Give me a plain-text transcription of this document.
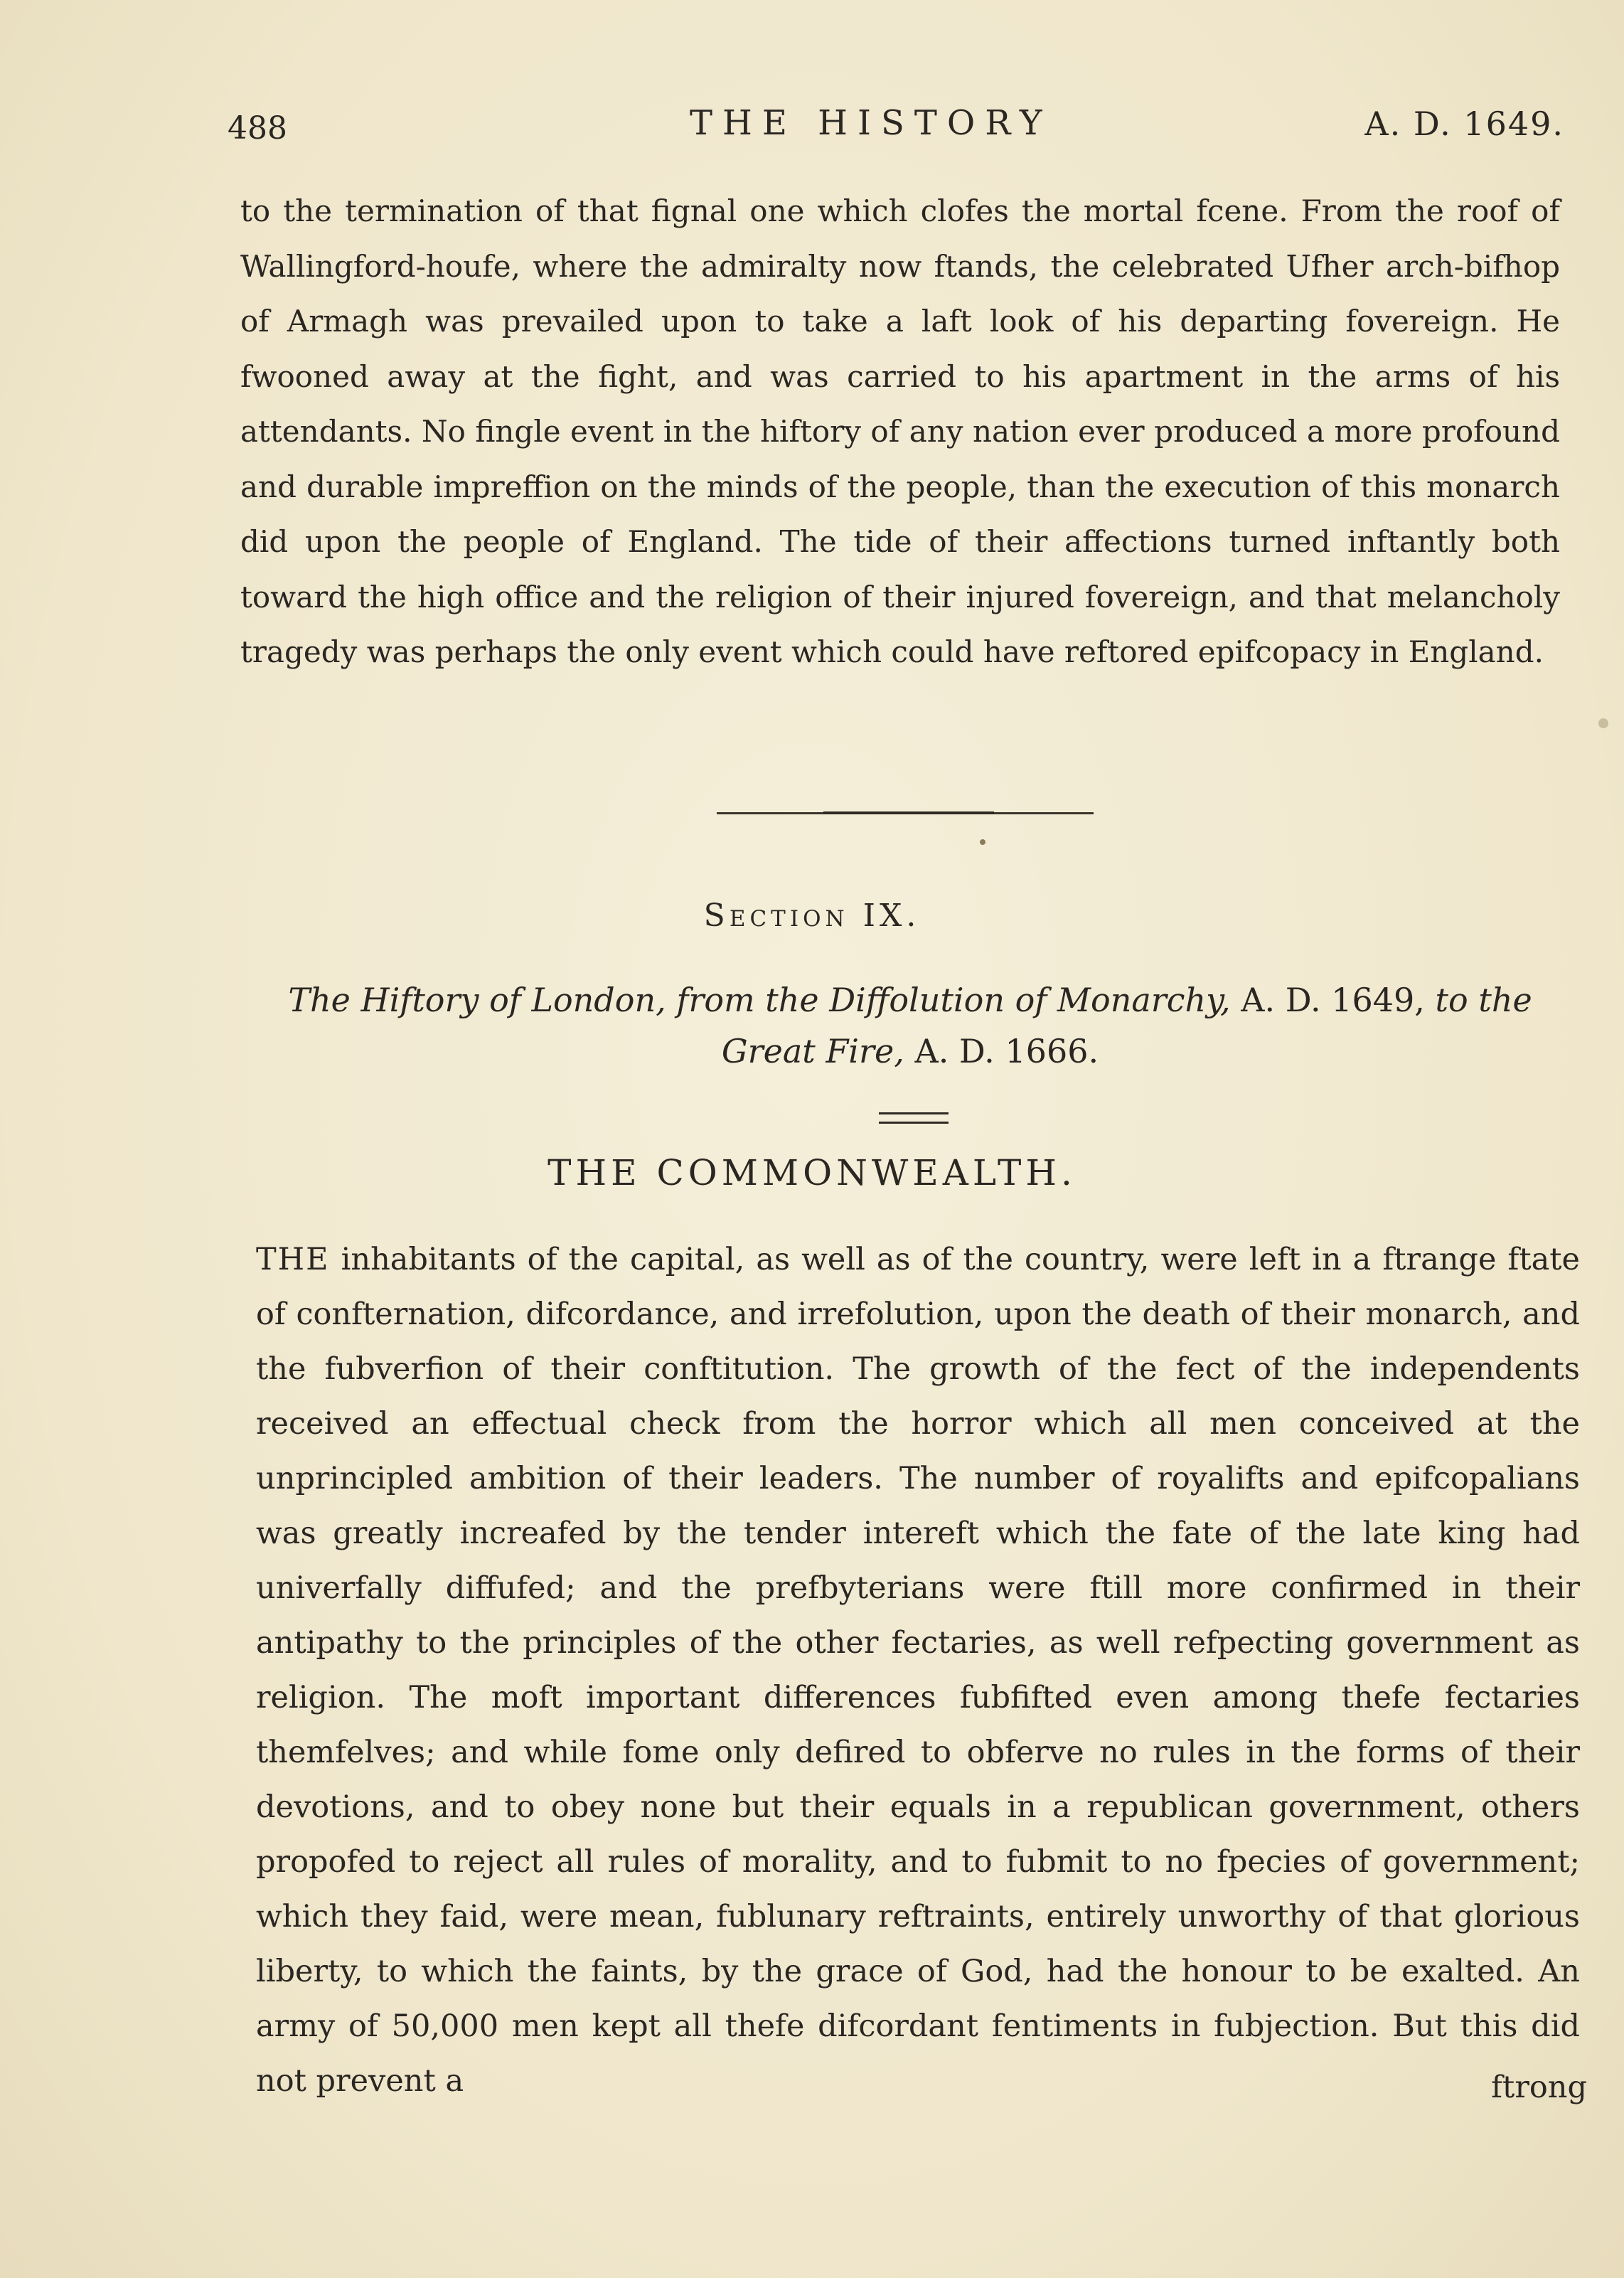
488	THE HISTORY	A. D. 1649.

to the termination of that fignal one which clofes the mortal fcene. From the roof of Wallingford-houfe, where the admiralty now ftands, the celebrated Ufher arch-bifhop of Armagh was prevailed upon to take a laft look of his departing fovereign. He fwooned away at the fight, and was carried to his apartment in the arms of his attendants. No fingle event in the hiftory of any nation ever produced a more profound and durable impreffion on the minds of the people, than the execution of this monarch did upon the people of England. The tide of their affections turned inftantly both toward the high office and the religion of their injured fovereign, and that melancholy tragedy was perhaps the only event which could have reftored epifcopacy in England.

Section IX.
The Hiftory of London, from the Diffolution of Monarchy, A. D. 1649, to the Great Fire, A. D. 1666.
THE COMMONWEALTH.

THE inhabitants of the capital, as well as of the country, were left in a ftrange ftate of confternation, difcordance, and irrefolution, upon the death of their monarch, and the fubverfion of their conftitution. The growth of the fect of the independents received an effectual check from the horror which all men conceived at the unprincipled ambition of their leaders. The number of royalifts and epifcopalians was greatly increafed by the tender intereft which the fate of the late king had univerfally diffufed; and the prefbyterians were ftill more confirmed in their antipathy to the principles of the other fectaries, as well refpecting government as religion. The moft important differences fubfifted even among thefe fectaries themfelves; and while fome only defired to obferve no rules in the forms of their devotions, and to obey none but their equals in a republican government, others propofed to reject all rules of morality, and to fubmit to no fpecies of government; which they faid, were mean, fublunary reftraints, entirely unworthy of that glorious liberty, to which the faints, by the grace of God, had the honour to be exalted. An army of 50,000 men kept all thefe difcordant fentiments in fubjection. But this did not prevent a	ftrong
